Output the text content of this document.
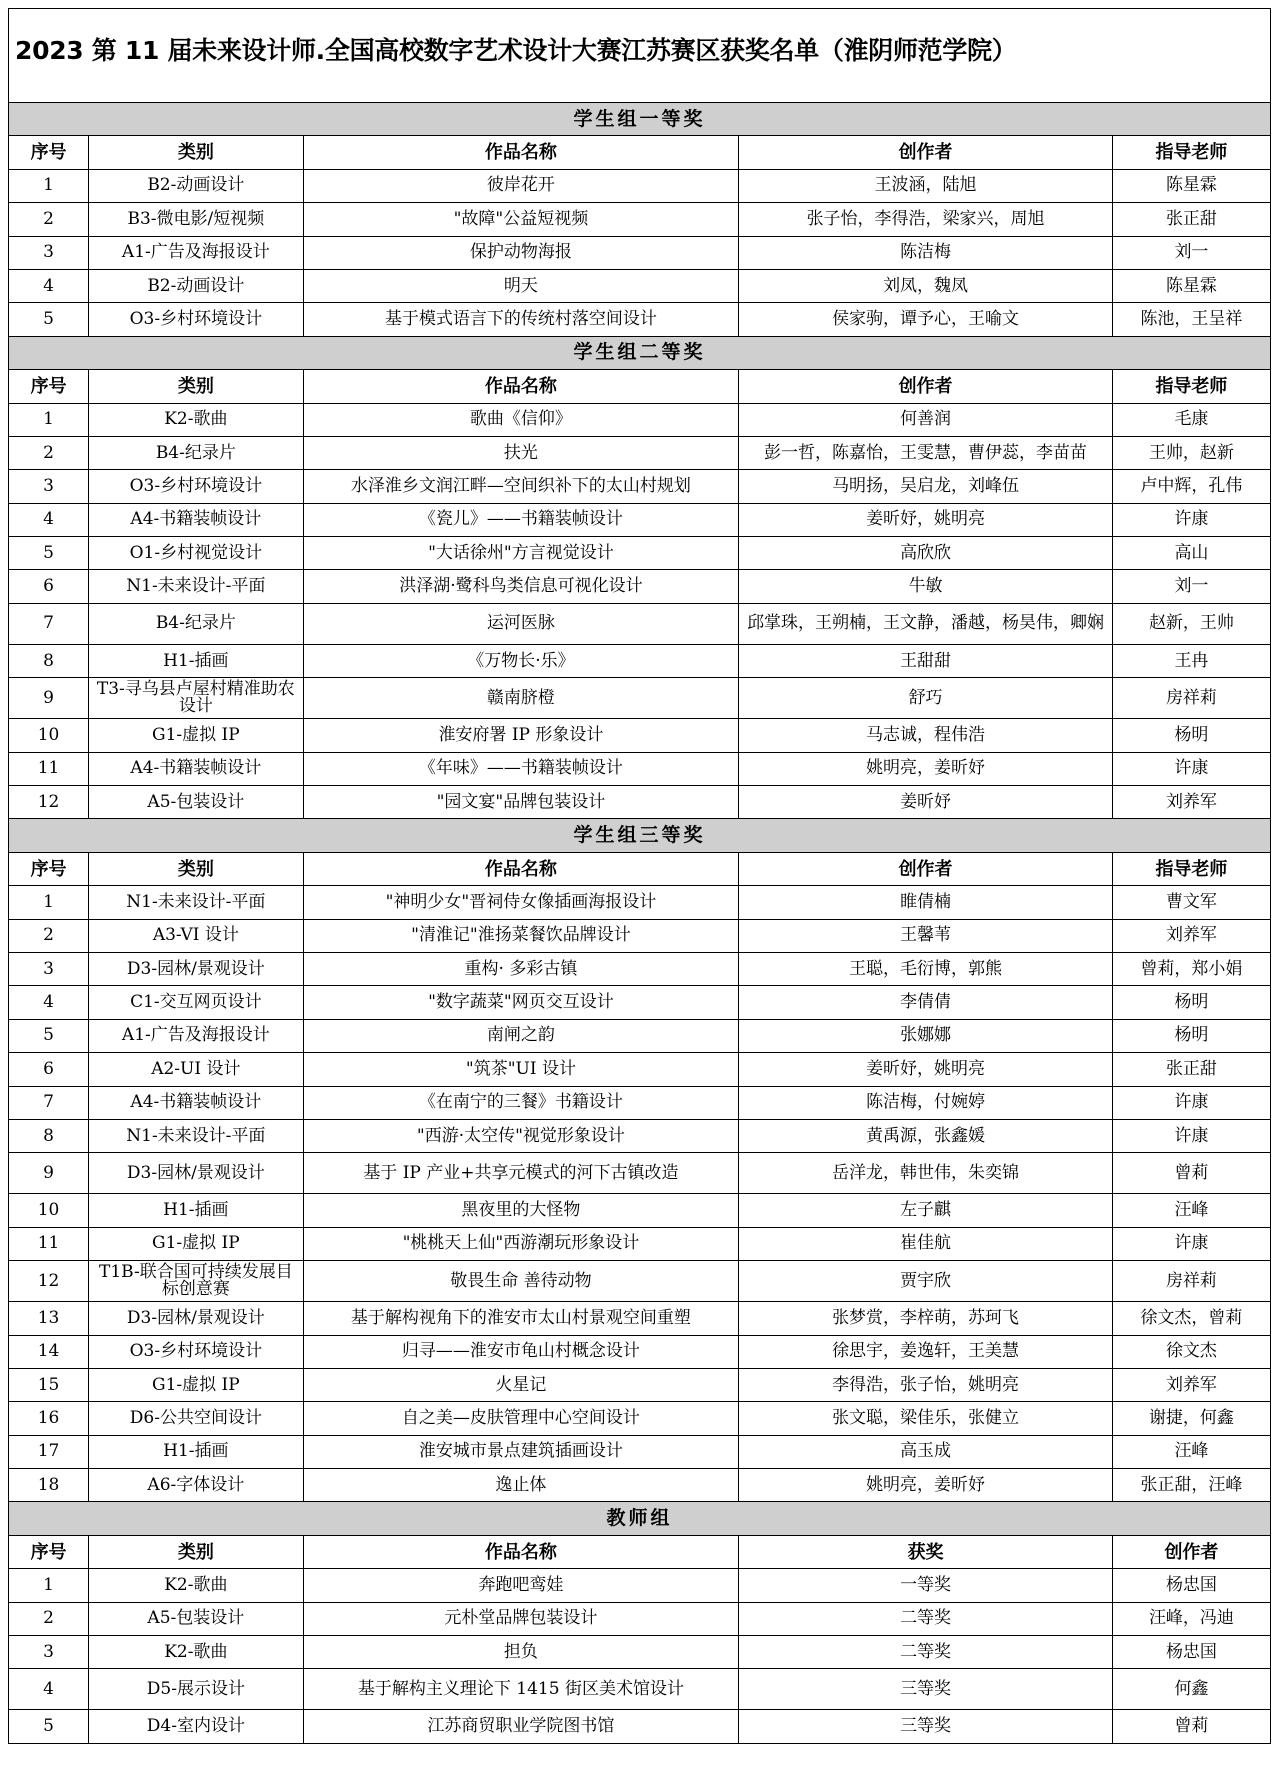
2023 第 11 届未来设计师.全国高校数字艺术设计大赛江苏赛区获奖名单（淮阴师范学院）				
学生组一等奖				
序号	类别	作品名称	创作者	指导老师
1	B2-动画设计	彼岸花开	王波涵，陆旭	陈星霖
2	B3-微电影/短视频	"故障"公益短视频	张子怡，李得浩，梁家兴，周旭	张正甜
3	A1-广告及海报设计	保护动物海报	陈洁梅	刘一
4	B2-动画设计	明天	刘凤，魏凤	陈星霖
5	O3-乡村环境设计	基于模式语言下的传统村落空间设计	侯家驹，谭予心，王喻文	陈池，王呈祥
学生组二等奖				
序号	类别	作品名称	创作者	指导老师
1	K2-歌曲	歌曲《信仰》	何善润	毛康
2	B4-纪录片	扶光	彭一哲，陈嘉怡，王雯慧，曹伊蕊，李苗苗	王帅，赵新
3	O3-乡村环境设计	水泽淮乡文润江畔—空间织补下的太山村规划	马明扬，吴启龙，刘峰伍	卢中辉，孔伟
4	A4-书籍装帧设计	《瓷儿》——书籍装帧设计	姜昕妤，姚明亮	许康
5	O1-乡村视觉设计	"大话徐州"方言视觉设计	高欣欣	高山
6	N1-未来设计-平面	洪泽湖·鹭科鸟类信息可视化设计	牛敏	刘一
7	B4-纪录片	运河医脉	邱掌珠，王朔楠，王文静，潘越，杨昊伟，卿娴	赵新，王帅
8	H1-插画	《万物长·乐》	王甜甜	王冉
9	T3-寻乌县卢屋村精准助农设计	赣南脐橙	舒巧	房祥莉
10	G1-虚拟 IP	淮安府署 IP 形象设计	马志诚，程伟浩	杨明
11	A4-书籍装帧设计	《年味》——书籍装帧设计	姚明亮，姜昕妤	许康
12	A5-包装设计	"园文宴"品牌包装设计	姜昕妤	刘养军
学生组三等奖				
序号	类别	作品名称	创作者	指导老师
1	N1-未来设计-平面	"神明少女"晋祠侍女像插画海报设计	睢倩楠	曹文军
2	A3-VI 设计	"清淮记"淮扬菜餐饮品牌设计	王馨苇	刘养军
3	D3-园林/景观设计	重构· 多彩古镇	王聪，毛衍博，郭熊	曾莉，郑小娟
4	C1-交互网页设计	"数字蔬菜"网页交互设计	李倩倩	杨明
5	A1-广告及海报设计	南闸之韵	张娜娜	杨明
6	A2-UI 设计	"筑茶"UI 设计	姜昕妤，姚明亮	张正甜
7	A4-书籍装帧设计	《在南宁的三餐》书籍设计	陈洁梅，付婉婷	许康
8	N1-未来设计-平面	"西游·太空传"视觉形象设计	黄禹源，张鑫媛	许康
9	D3-园林/景观设计	基于 IP 产业+共享元模式的河下古镇改造	岳洋龙，韩世伟，朱奕锦	曾莉
10	H1-插画	黑夜里的大怪物	左子麒	汪峰
11	G1-虚拟 IP	"桃桃天上仙"西游潮玩形象设计	崔佳航	许康
12	T1B-联合国可持续发展目标创意赛	敬畏生命 善待动物	贾宇欣	房祥莉
13	D3-园林/景观设计	基于解构视角下的淮安市太山村景观空间重塑	张梦赏，李梓萌，苏珂飞	徐文杰，曾莉
14	O3-乡村环境设计	归寻——淮安市龟山村概念设计	徐思宇，姜逸轩，王美慧	徐文杰
15	G1-虚拟 IP	火星记	李得浩，张子怡，姚明亮	刘养军
16	D6-公共空间设计	自之美—皮肤管理中心空间设计	张文聪，梁佳乐，张健立	谢捷，何鑫
17	H1-插画	淮安城市景点建筑插画设计	高玉成	汪峰
18	A6-字体设计	逸止体	姚明亮，姜昕妤	张正甜，汪峰
教师组				
序号	类别	作品名称	获奖	创作者
1	K2-歌曲	奔跑吧鸾娃	一等奖	杨忠国
2	A5-包装设计	元朴堂品牌包装设计	二等奖	汪峰，冯迪
3	K2-歌曲	担负	二等奖	杨忠国
4	D5-展示设计	基于解构主义理论下 1415 街区美术馆设计	三等奖	何鑫
5	D4-室内设计	江苏商贸职业学院图书馆	三等奖	曾莉
